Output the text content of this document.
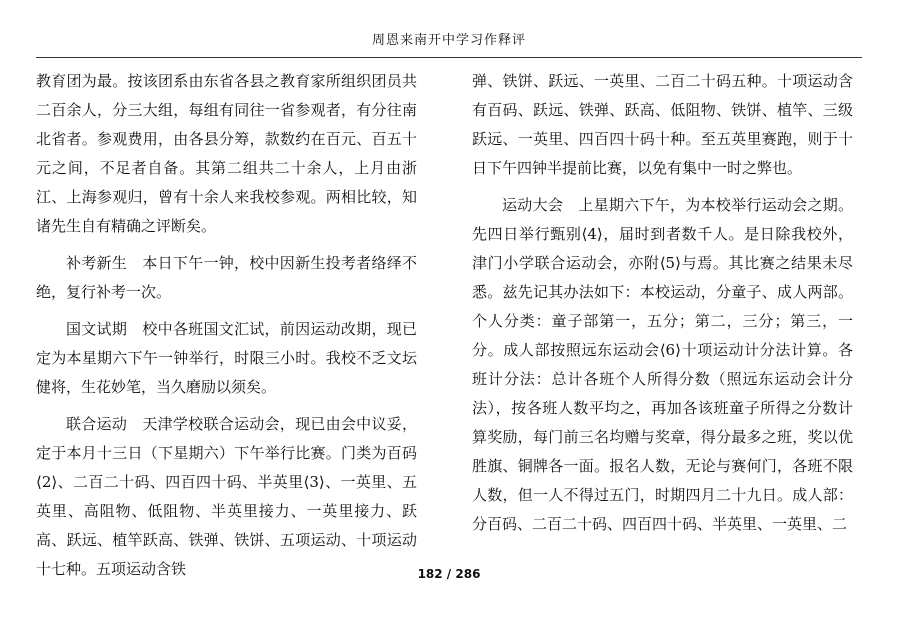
周恩来南开中学习作释评

教育团为最。按该团系由东省各县之教育家所组织团员共二百余人，分三大组，每组有同往一省参观者，有分往南北省者。参观费用，由各县分筹，款数约在百元、百五十元之间，不足者自备。其第二组共二十余人，上月由浙江、上海参观归，曾有十余人来我校参观。两相比较，知诸先生自有精确之评断矣。

补考新生　本日下午一钟，校中因新生投考者络绎不绝，复行补考一次。

国文试期　校中各班国文汇试，前因运动改期，现已定为本星期六下午一钟举行，时限三小时。我校不乏文坛健将，生花妙笔，当久磨励以须矣。

联合运动　天津学校联合运动会，现已由会中议妥，定于本月十三日（下星期六）下午举行比赛。门类为百码⟨2⟩、二百二十码、四百四十码、半英里⟨3⟩、一英里、五英里、高阻物、低阻物、半英里接力、一英里接力、跃高、跃远、植竿跃高、铁弹、铁饼、五项运动、十项运动十七种。五项运动含铁

弹、铁饼、跃远、一英里、二百二十码五种。十项运动含有百码、跃远、铁弹、跃高、低阻物、铁饼、植竿、三级跃远、一英里、四百四十码十种。至五英里赛跑，则于十日下午四钟半提前比赛，以免有集中一时之弊也。

运动大会　上星期六下午，为本校举行运动会之期。先四日举行甄别⟨4⟩，届时到者数千人。是日除我校外，津门小学联合运动会，亦附⟨5⟩与焉。其比赛之结果未尽悉。兹先记其办法如下：本校运动，分童子、成人两部。个人分类：童子部第一，五分；第二，三分；第三，一分。成人部按照远东运动会⟨6⟩十项运动计分法计算。各班计分法：总计各班个人所得分数（照远东运动会计分法），按各班人数平均之，再加各该班童子所得之分数计算奖励，每门前三名均赠与奖章，得分最多之班，奖以优胜旗、铜牌各一面。报名人数，无论与赛何门，各班不限人数，但一人不得过五门，时期四月二十九日。成人部：分百码、二百二十码、四百四十码、半英里、一英里、二

182 / 286
